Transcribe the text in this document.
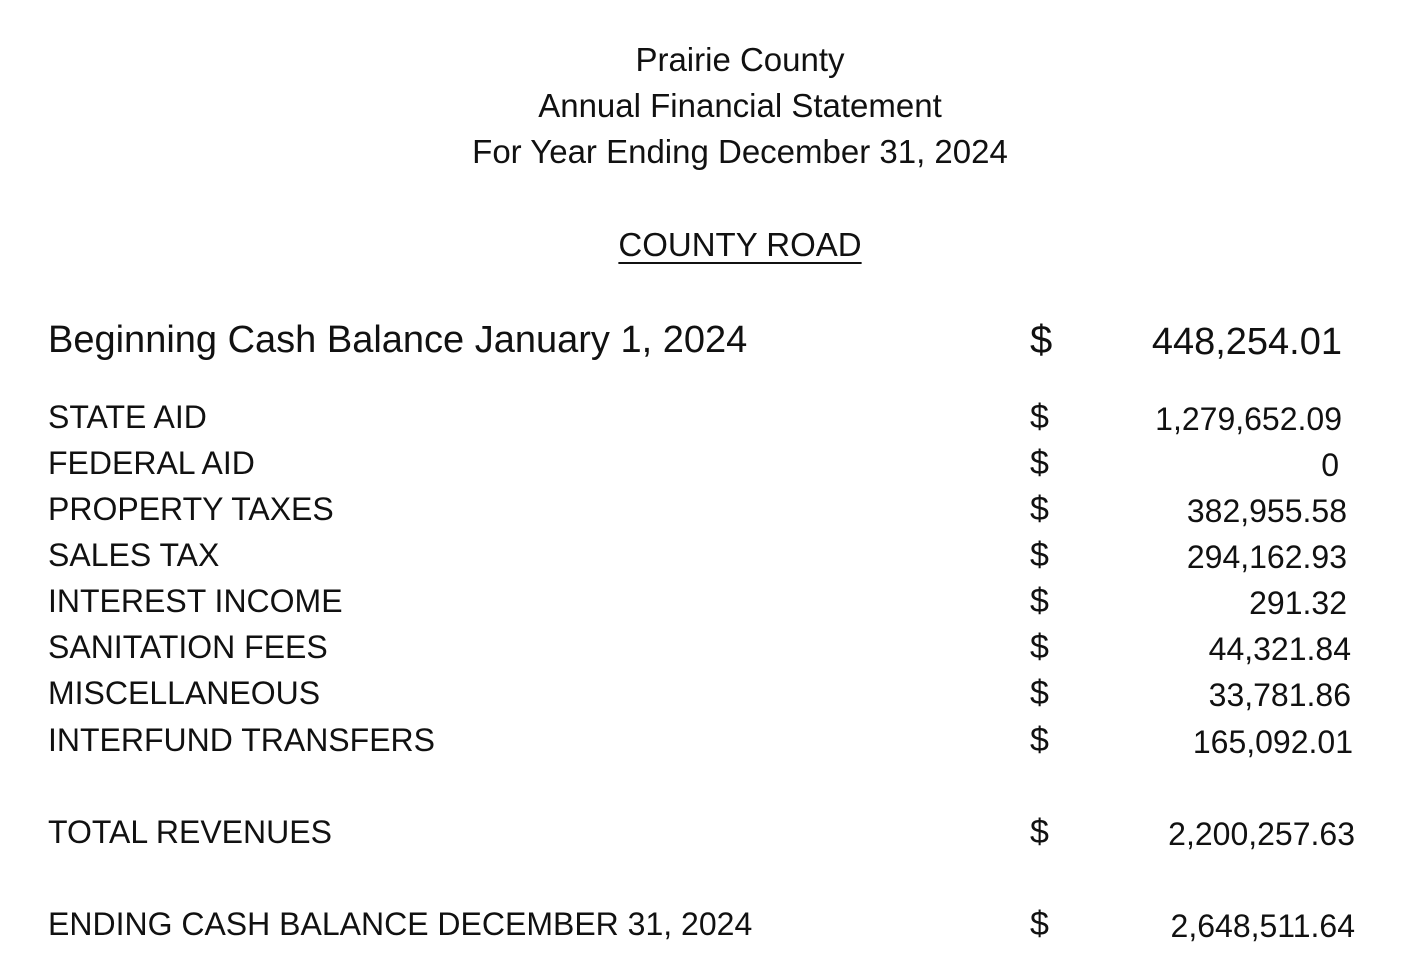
Prairie County
Annual Financial Statement
For Year Ending December 31, 2024
COUNTY ROAD
Beginning Cash Balance January 1, 2024	$	448,254.01
STATE AID	$	1,279,652.09
FEDERAL AID	$	0
PROPERTY TAXES	$	382,955.58
SALES TAX	$	294,162.93
INTEREST INCOME	$	291.32
SANITATION FEES	$	44,321.84
MISCELLANEOUS	$	33,781.86
INTERFUND TRANSFERS	$	165,092.01
TOTAL REVENUES	$	2,200,257.63
ENDING CASH BALANCE DECEMBER 31, 2024	$	2,648,511.64
